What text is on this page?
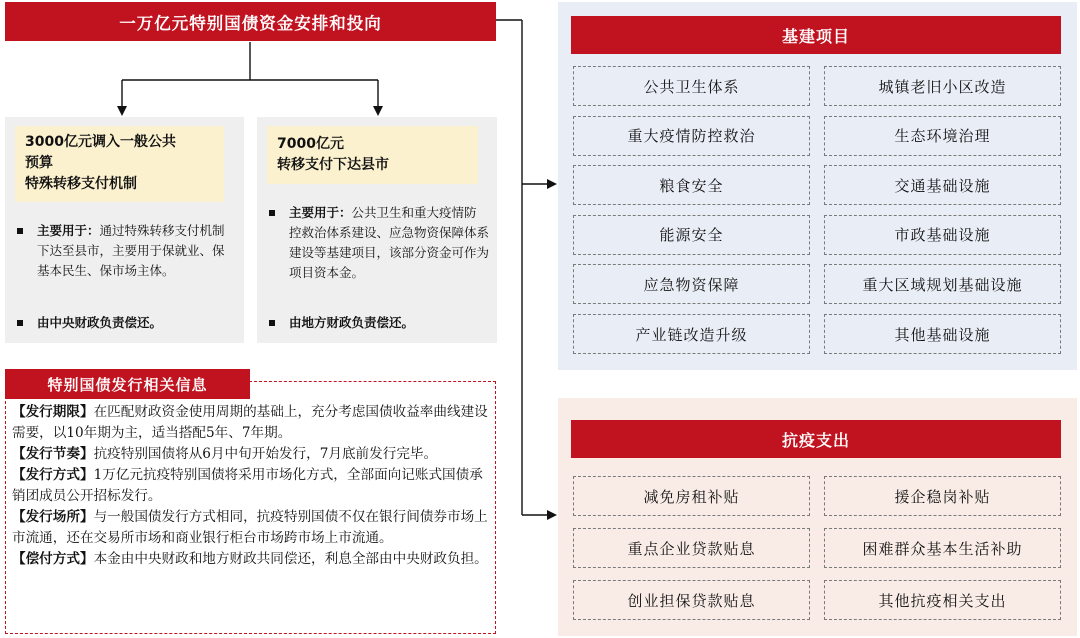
一万亿元特别国债资金安排和投向
3000亿元调入一般公共
预算
特殊转移支付机制
主要用于：通过特殊转移支付机制下达至县市，主要用于保就业、保基本民生、保市场主体。
由中央财政负责偿还。
7000亿元
转移支付下达县市
主要用于：公共卫生和重大疫情防控救治体系建设、应急物资保障体系建设等基建项目，该部分资金可作为项目资本金。
由地方财政负责偿还。
基建项目
公共卫生体系	城镇老旧小区改造
重大疫情防控救治	生态环境治理
粮食安全	交通基础设施
能源安全	市政基础设施
应急物资保障	重大区域规划基础设施
产业链改造升级	其他基础设施
抗疫支出
减免房租补贴	援企稳岗补贴
重点企业贷款贴息	困难群众基本生活补助
创业担保贷款贴息	其他抗疫相关支出

【发行期限】在匹配财政资金使用周期的基础上，充分考虑国债收益率曲线建设需要，以10年期为主，适当搭配5年、7年期。

【发行节奏】抗疫特别国债将从6月中旬开始发行，7月底前发行完毕。

【发行方式】1万亿元抗疫特别国债将采用市场化方式，全部面向记账式国债承销团成员公开招标发行。

【发行场所】与一般国债发行方式相同，抗疫特别国债不仅在银行间债券市场上市流通，还在交易所市场和商业银行柜台市场跨市场上市流通。

【偿付方式】本金由中央财政和地方财政共同偿还，利息全部由中央财政负担。

特别国债发行相关信息
